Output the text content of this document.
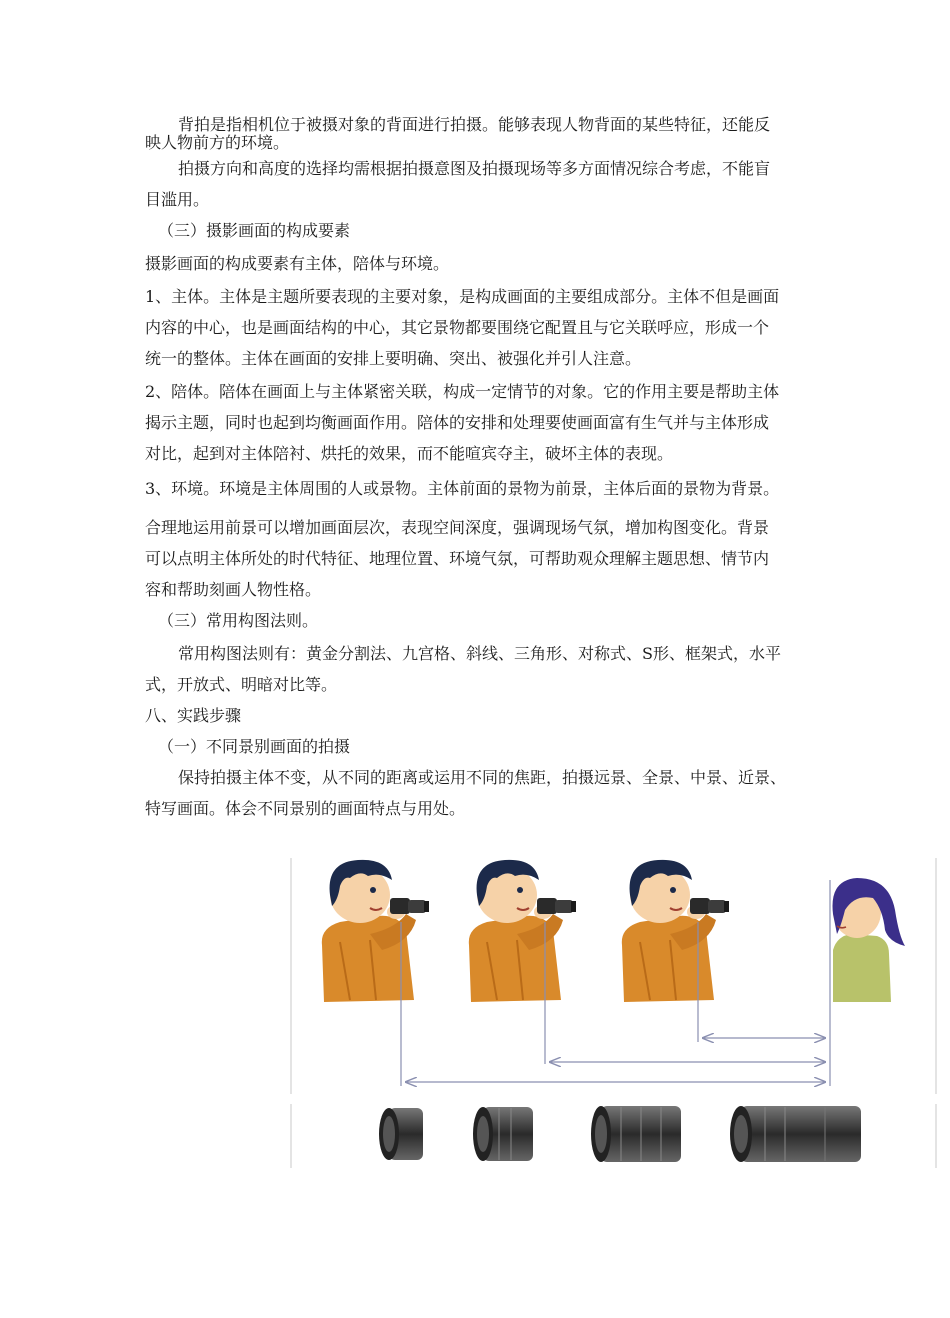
背拍是指相机位于被摄对象的背面进行拍摄。能够表现人物背面的某些特征，还能反
映人物前方的环境。
拍摄方向和高度的选择均需根据拍摄意图及拍摄现场等多方面情况综合考虑，不能盲
目滥用。
（三）摄影画面的构成要素
摄影画面的构成要素有主体，陪体与环境。
1、主体。主体是主题所要表现的主要对象，是构成画面的主要组成部分。主体不但是画面
内容的中心，也是画面结构的中心，其它景物都要围绕它配置且与它关联呼应，形成一个
统一的整体。主体在画面的安排上要明确、突出、被强化并引人注意。
2、陪体。陪体在画面上与主体紧密关联，构成一定情节的对象。它的作用主要是帮助主体
揭示主题，同时也起到均衡画面作用。陪体的安排和处理要使画面富有生气并与主体形成
对比，起到对主体陪衬、烘托的效果，而不能喧宾夺主，破坏主体的表现。
3、环境。环境是主体周围的人或景物。主体前面的景物为前景，主体后面的景物为背景。
合理地运用前景可以增加画面层次，表现空间深度，强调现场气氛，增加构图变化。背景
可以点明主体所处的时代特征、地理位置、环境气氛，可帮助观众理解主题思想、情节内
容和帮助刻画人物性格。
（三）常用构图法则。
常用构图法则有：黄金分割法、九宫格、斜线、三角形、对称式、S形、框架式，水平
式，开放式、明暗对比等。
八、实践步骤
（一）不同景别画面的拍摄
保持拍摄主体不变，从不同的距离或运用不同的焦距，拍摄远景、全景、中景、近景、
特写画面。体会不同景别的画面特点与用处。
